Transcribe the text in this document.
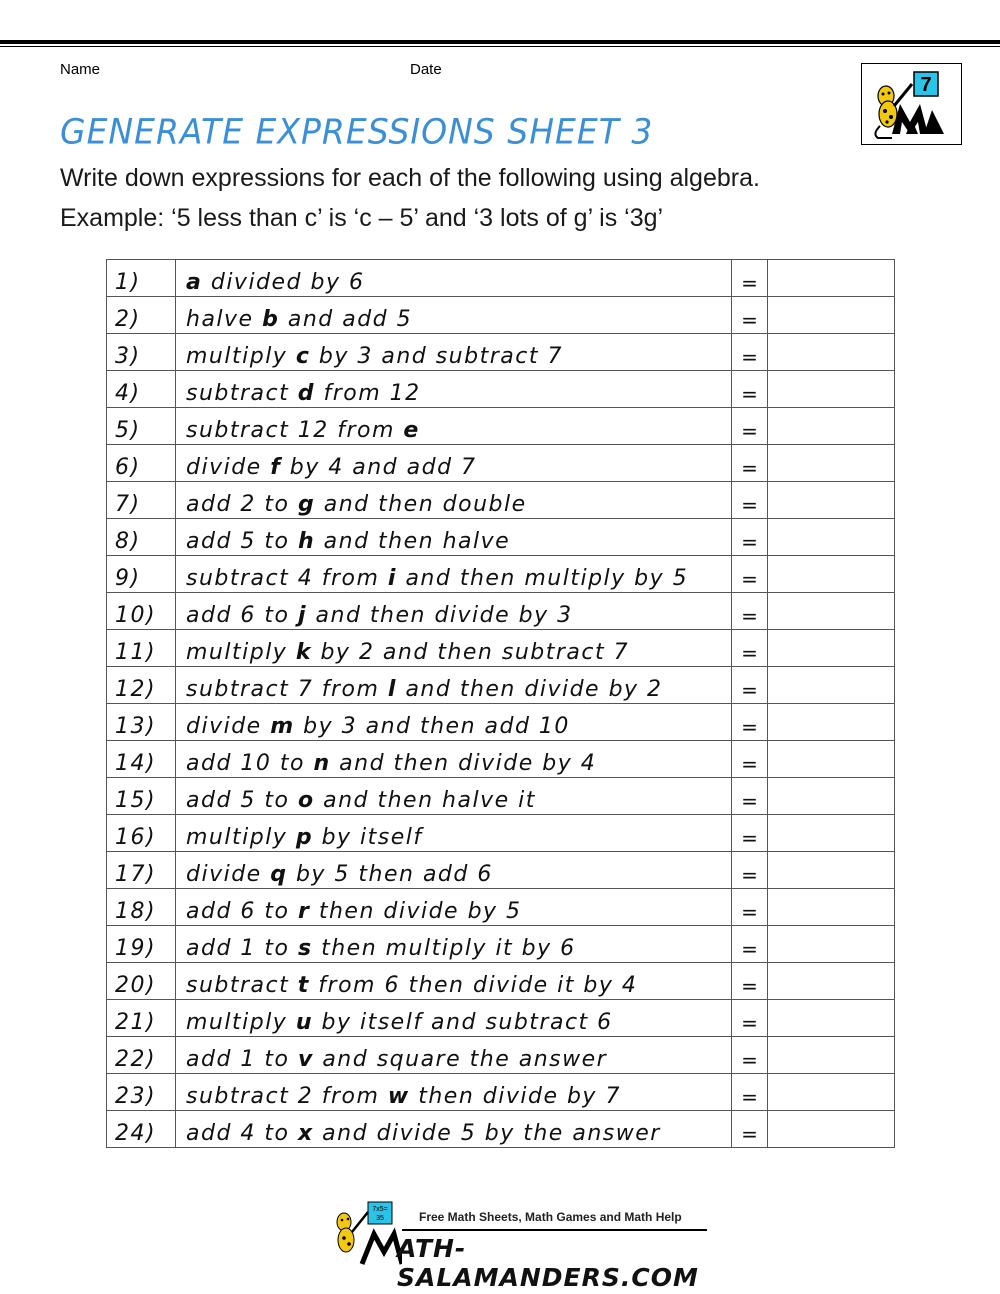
Name	Date
7
GENERATE EXPRESSIONS SHEET 3
Write down expressions for each of the following using algebra.
Example: ‘5 less than c’ is ‘c – 5’ and ‘3 lots of g’ is ‘3g’
1)	a divided by 6	=	
2)	halve b and add 5	=	
3)	multiply c by 3 and subtract 7	=	
4)	subtract d from 12	=	
5)	subtract 12 from e	=	
6)	divide f by 4 and add 7	=	
7)	add 2 to g and then double	=	
8)	add 5 to h and then halve	=	
9)	subtract 4 from i and then multiply by 5	=	
10)	add 6 to j and then divide by 3	=	
11)	multiply k by 2 and then subtract 7	=	
12)	subtract 7 from l and then divide by 2	=	
13)	divide m by 3 and then add 10	=	
14)	add 10 to n and then divide by 4	=	
15)	add 5 to o and then halve it	=	
16)	multiply p by itself	=	
17)	divide q by 5 then add 6	=	
18)	add 6 to r then divide by 5	=	
19)	add 1 to s then multiply it by 6	=	
20)	subtract t from 6 then divide it by 4	=	
21)	multiply u by itself and subtract 6	=	
22)	add 1 to v and square the answer	=	
23)	subtract 2 from w then divide by 7	=	
24)	add 4 to x and divide 5 by the answer	=	
7x5=
35	Free Math Sheets, Math Games and Math Help
ATH-SALAMANDERS.COM
